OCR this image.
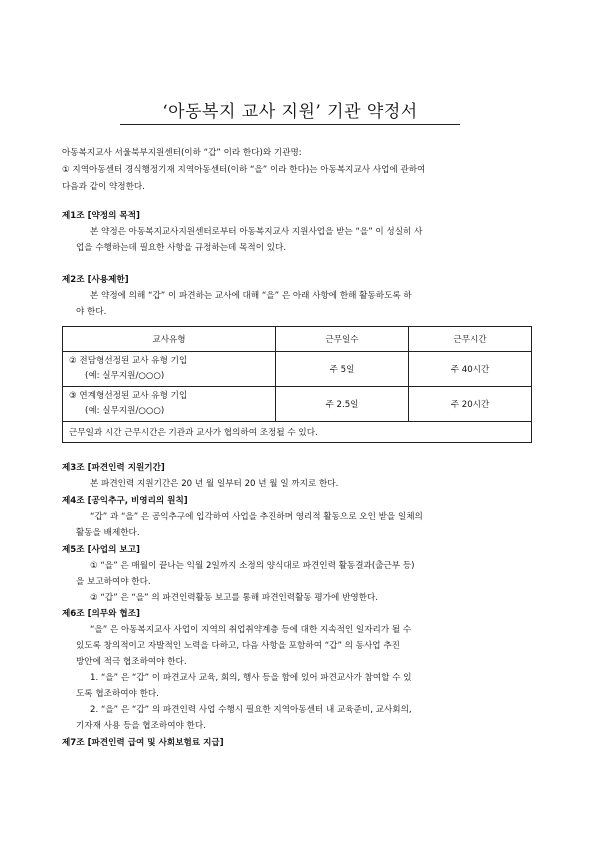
‘아동복지 교사 지원’ 기관 약정서
아동복지교사 서울북부지원센터(이하 “갑” 이라 한다)와 기관명:
① 지역아동센터 경식행정기재 지역아동센터(이하 “을” 이라 한다)는 아동복지교사 사업에 관하여
다음과 같이 약정한다.
제1조 [약정의 목적]
본 약정은 아동복지교사지원센터로부터 아동복지교사 지원사업을 받는 “을” 이 성실히 사
업을 수행하는데 필요한 사항을 규정하는데 목적이 있다.
제2조 [사용제한]
본 약정에 의해 “갑” 이 파견하는 교사에 대해 “을” 은 아래 사항에 한해 활동하도록 하
야 한다.
교사유형	근무일수	근무시간

② 전담형선정된 교사 유형 기입
(예: 실무지원/○○○)	주 5일	주 40시간

③ 연계형선정된 교사 유형 기입
(예: 실무지원/○○○)	주 2.5일	주 20시간
근무일과 시간 근무시간은 기관과 교사가 협의하여 조정될 수 있다.		
제3조 [파견인력 지원기간]
본 파견인력 지원기간은 20 년 월 일부터 20 년 월 일 까지로 한다.
제4조 [공익추구, 비영리의 원칙]
“갑” 과 “을” 은 공익추구에 입각하여 사업을 추진하며 영리적 활동으로 오인 받을 일체의
활동을 배제한다.
제5조 [사업의 보고]
① “을” 은 매월이 끝나는 익월 2일까지 소정의 양식대로 파견인력 활동결과(출근부 등)
을 보고하여야 한다.
② “갑” 은 “을” 의 파견인력활동 보고를 통해 파견인력활동 평가에 반영한다.
제6조 [의무와 협조]
“을” 은 아동복지교사 사업이 지역의 취업취약계층 등에 대한 지속적인 일자리가 될 수
있도록 창의적이고 자발적인 노력을 다하고, 다음 사항을 포함하여 “갑” 의 동사업 추진
방안에 적극 협조하여야 한다.
1. “을” 은 “갑” 이 파견교사 교육, 회의, 행사 등을 함에 있어 파견교사가 참여할 수 있
도록 협조하여야 한다.
2. “을” 은 “갑” 의 파견인력 사업 수행시 필요한 지역아동센터 내 교육준비, 교사회의,
기자재 사용 등을 협조하여야 한다.
제7조 [파견인력 급여 및 사회보험료 지급]
